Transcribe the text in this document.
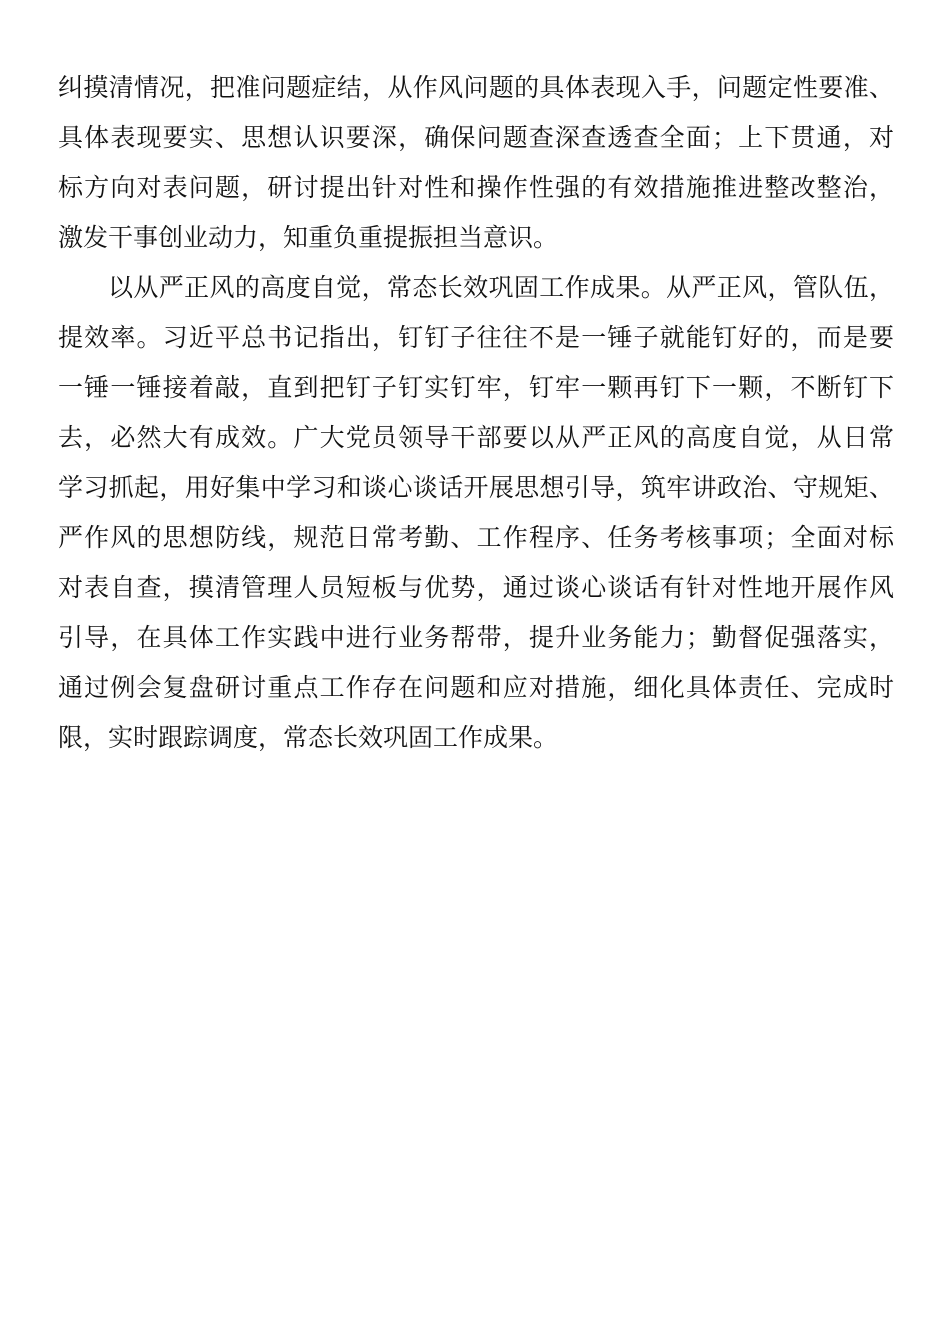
纠摸清情况，把准问题症结，从作风问题的具体表现入手，问题定性要准、
具体表现要实、思想认识要深，确保问题查深查透查全面；上下贯通，对
标方向对表问题，研讨提出针对性和操作性强的有效措施推进整改整治，
激发干事创业动力，知重负重提振担当意识。
以从严正风的高度自觉，常态长效巩固工作成果。从严正风，管队伍，
提效率。习近平总书记指出，钉钉子往往不是一锤子就能钉好的，而是要
一锤一锤接着敲，直到把钉子钉实钉牢，钉牢一颗再钉下一颗，不断钉下
去，必然大有成效。广大党员领导干部要以从严正风的高度自觉，从日常
学习抓起，用好集中学习和谈心谈话开展思想引导，筑牢讲政治、守规矩、
严作风的思想防线，规范日常考勤、工作程序、任务考核事项；全面对标
对表自查，摸清管理人员短板与优势，通过谈心谈话有针对性地开展作风
引导，在具体工作实践中进行业务帮带，提升业务能力；勤督促强落实，
通过例会复盘研讨重点工作存在问题和应对措施，细化具体责任、完成时
限，实时跟踪调度，常态长效巩固工作成果。
